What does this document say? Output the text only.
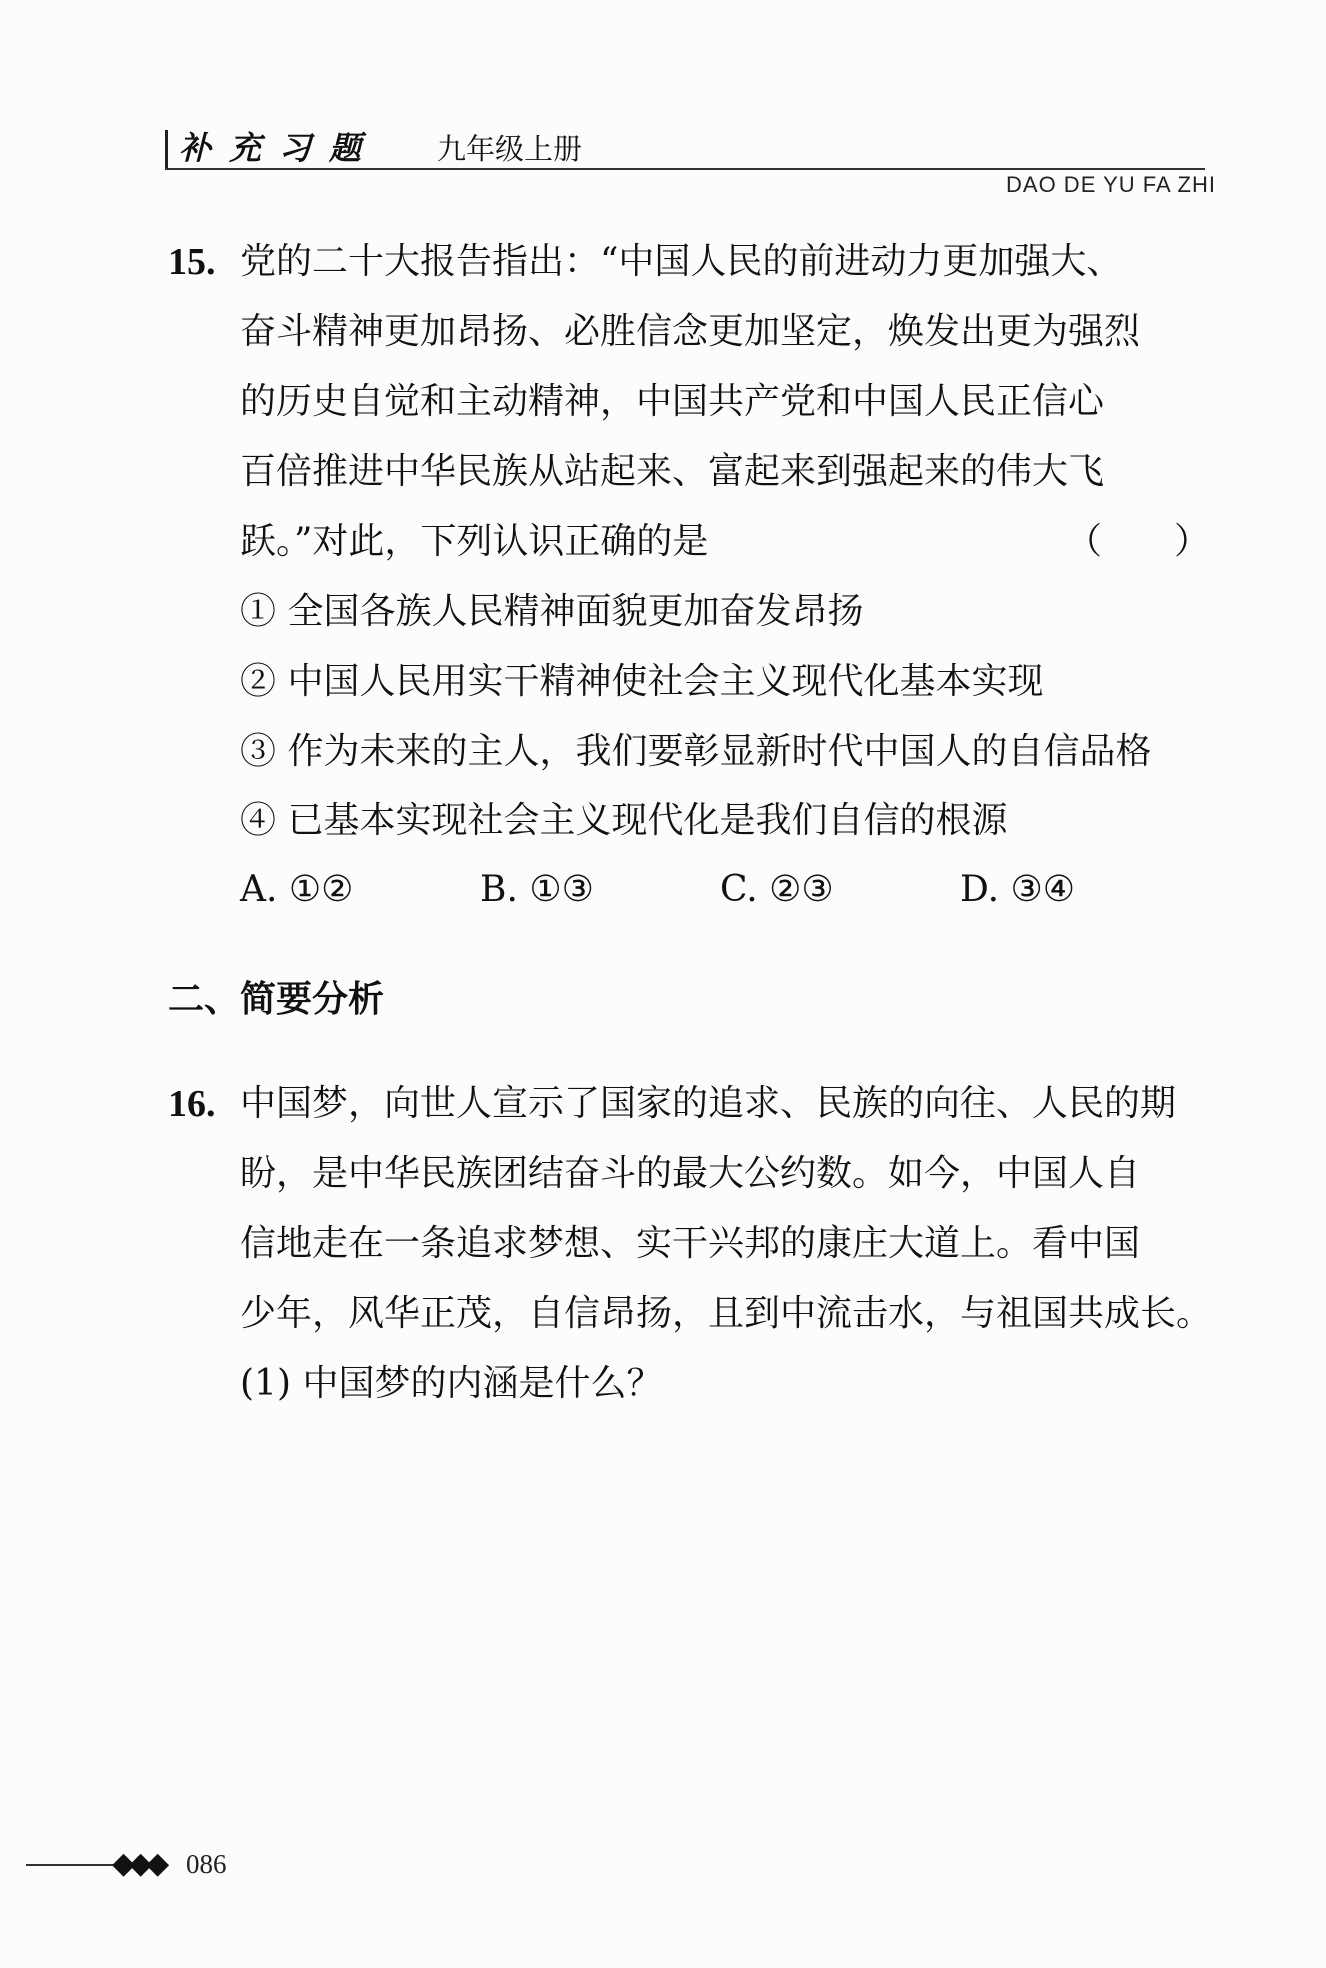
补充习题 九年级上册
DAO DE YU FA ZHI
15. 党的二十大报告指出：“中国人民的前进动力更加强大、
奋斗精神更加昂扬、必胜信念更加坚定，焕发出更为强烈
的历史自觉和主动精神，中国共产党和中国人民正信心
百倍推进中华民族从站起来、富起来到强起来的伟大飞
跃。”对此，下列认识正确的是	（　　）
① 全国各族人民精神面貌更加奋发昂扬
② 中国人民用实干精神使社会主义现代化基本实现
③ 作为未来的主人，我们要彰显新时代中国人的自信品格
④ 已基本实现社会主义现代化是我们自信的根源
A. ①②	B. ①③	C. ②③	D. ③④
二、简要分析
16. 中国梦，向世人宣示了国家的追求、民族的向往、人民的期
盼，是中华民族团结奋斗的最大公约数。如今，中国人自
信地走在一条追求梦想、实干兴邦的康庄大道上。看中国
少年，风华正茂，自信昂扬，且到中流击水，与祖国共成长。
(1) 中国梦的内涵是什么？
◆◆◆ 086
